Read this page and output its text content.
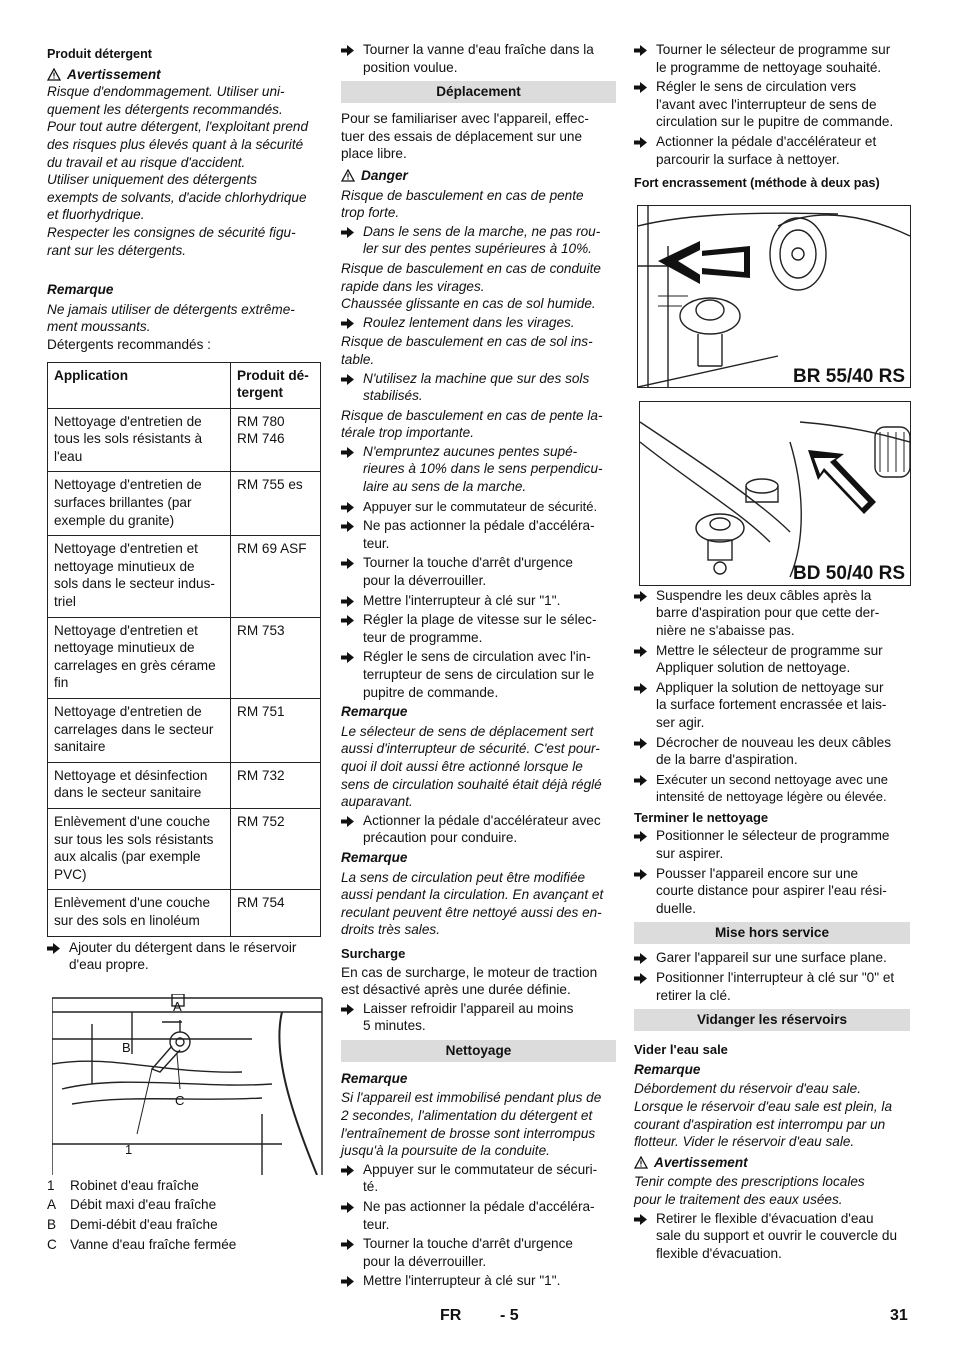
Produit détergent

Avertissement

Risque d'endommagement. Utiliser uni-

quement les détergents recommandés.

Pour tout autre détergent, l'exploitant prend

des risques plus élevés quant à la sécurité

du travail et au risque d'accident.

Utiliser uniquement des détergents

exempts de solvants, d'acide chlorhydrique

et fluorhydrique.

Respecter les consignes de sécurité figu-

rant sur les détergents.

Remarque

Ne jamais utiliser de détergents extrême-

ment moussants.

Détergents recommandés :

Application	Produit dé-
tergent
Nettoyage d'entretien de
tous les sols résistants à
l'eau	RM 780
RM 746
Nettoyage d'entretien de
surfaces brillantes (par
exemple du granite)	RM 755 es
Nettoyage d'entretien et
nettoyage minutieux de
sols dans le secteur indus-
triel	RM 69 ASF
Nettoyage d'entretien et
nettoyage minutieux de
carrelages en grès cérame
fin	RM 753
Nettoyage d'entretien de
carrelages dans le secteur
sanitaire	RM 751
Nettoyage et désinfection
dans le secteur sanitaire	RM 732
Enlèvement d'une couche
sur tous les sols résistants
aux alcalis (par exemple
PVC)	RM 752
Enlèvement d'une couche
sur des sols en linoléum	RM 754
Ajouter du détergent dans le réservoir
d'eau propre.
A
B
C
1
1	Robinet d'eau fraîche
A	Débit maxi d'eau fraîche
B	Demi-débit d'eau fraîche
C Vanne d'eau fraîche fermée
Tourner la vanne d'eau fraîche dans la
position voulue.
Déplacement

Pour se familiariser avec l'appareil, effec-

tuer des essais de déplacement sur une

place libre.

Danger

Risque de basculement en cas de pente

trop forte.

Dans le sens de la marche, ne pas rou-
ler sur des pentes supérieures à 10%.

Risque de basculement en cas de conduite

rapide dans les virages.

Chaussée glissante en cas de sol humide.

Roulez lentement dans les virages.

Risque de basculement en cas de sol ins-

table.

N'utilisez la machine que sur des sols
stabilisés.

Risque de basculement en cas de pente la-

térale trop importante.

N'empruntez aucunes pentes supé-
rieures à 10% dans le sens perpendicu-
laire au sens de la marche.
Appuyer sur le commutateur de sécurité.
Ne pas actionner la pédale d'accéléra-
teur.
Tourner la touche d'arrêt d'urgence
pour la déverrouiller.
Mettre l'interrupteur à clé sur "1".
Régler la plage de vitesse sur le sélec-
teur de programme.
Régler le sens de circulation avec l'in-
terrupteur de sens de circulation sur le
pupitre de commande.

Remarque

Le sélecteur de sens de déplacement sert

aussi d'interrupteur de sécurité. C'est pour-

quoi il doit aussi être actionné lorsque le

sens de circulation souhaité était déjà réglé

auparavant.

Actionner la pédale d'accélérateur avec
précaution pour conduire.

Remarque

La sens de circulation peut être modifiée

aussi pendant la circulation. En avançant et

reculant peuvent être nettoyé aussi des en-

droits très sales.

Surcharge

En cas de surcharge, le moteur de traction

est désactivé après une durée définie.

Laisser refroidir l'appareil au moins
5 minutes.
Nettoyage

Remarque

Si l'appareil est immobilisé pendant plus de

2 secondes, l'alimentation du détergent et

l'entraînement de brosse sont interrompus

jusqu'à la poursuite de la conduite.

Appuyer sur le commutateur de sécuri-
té.
Ne pas actionner la pédale d'accéléra-
teur.
Tourner la touche d'arrêt d'urgence
pour la déverrouiller.
Mettre l'interrupteur à clé sur "1".
Tourner le sélecteur de programme sur
le programme de nettoyage souhaité.
Régler le sens de circulation vers
l'avant avec l'interrupteur de sens de
circulation sur le pupitre de commande.
Actionner la pédale d'accélérateur et
parcourir la surface à nettoyer.

Fort encrassement (méthode à deux pas)

BR 55/40 RS
BD 50/40 RS
Suspendre les deux câbles après la
barre d'aspiration pour que cette der-
nière ne s'abaisse pas.
Mettre le sélecteur de programme sur
Appliquer solution de nettoyage.
Appliquer la solution de nettoyage sur
la surface fortement encrassée et lais-
ser agir.
Décrocher de nouveau les deux câbles
de la barre d'aspiration.
Exécuter un second nettoyage avec une
intensité de nettoyage légère ou élevée.

Terminer le nettoyage

Positionner le sélecteur de programme
sur aspirer.
Pousser l'appareil encore sur une
courte distance pour aspirer l'eau rési-
duelle.
Mise hors service
Garer l'appareil sur une surface plane.
Positionner l'interrupteur à clé sur "0" et
retirer la clé.
Vidanger les réservoirs

Vider l'eau sale

Remarque

Débordement du réservoir d'eau sale.

Lorsque le réservoir d'eau sale est plein, la

courant d'aspiration est interrompu par un

flotteur. Vider le réservoir d'eau sale.

Avertissement

Tenir compte des prescriptions locales

pour le traitement des eaux usées.

Retirer le flexible d'évacuation d'eau
sale du support et ouvrir le couvercle du
flexible d'évacuation.
FR - 5	31
